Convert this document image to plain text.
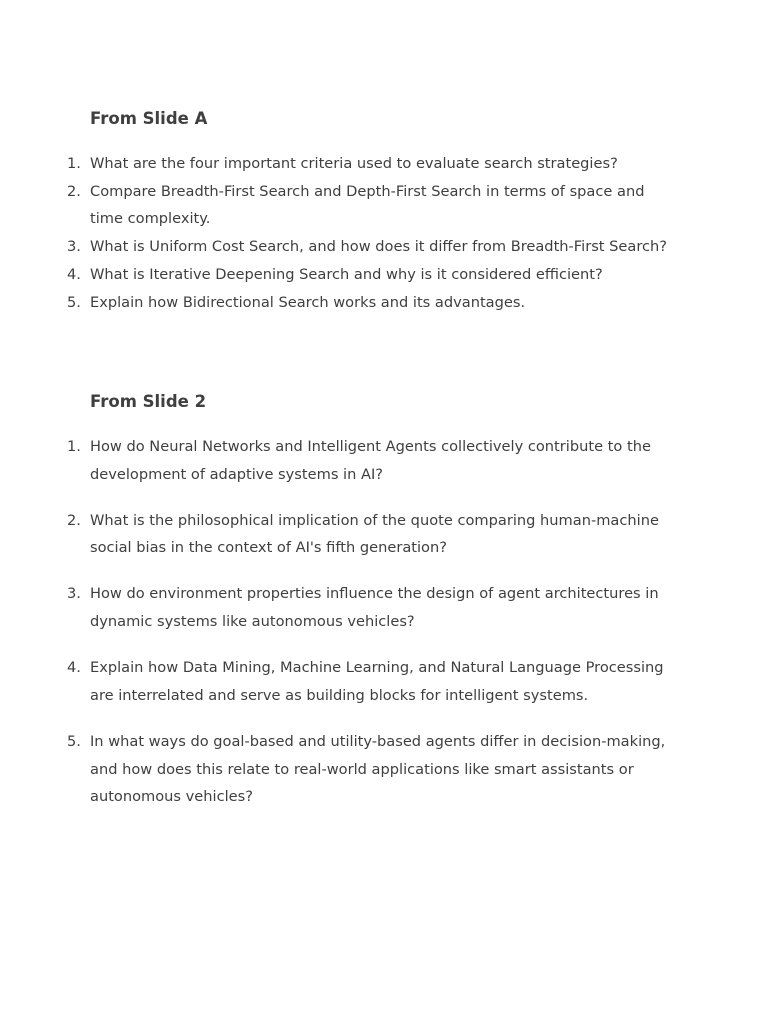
From Slide A
1. What are the four important criteria used to evaluate search strategies?
2. Compare Breadth-First Search and Depth-First Search in terms of space and time complexity.
3. What is Uniform Cost Search, and how does it differ from Breadth-First Search?
4. What is Iterative Deepening Search and why is it considered efficient?
5. Explain how Bidirectional Search works and its advantages.
From Slide 2
1. How do Neural Networks and Intelligent Agents collectively contribute to the development of adaptive systems in AI?
2. What is the philosophical implication of the quote comparing human-machine social bias in the context of AI's fifth generation?
3. How do environment properties influence the design of agent architectures in dynamic systems like autonomous vehicles?
4. Explain how Data Mining, Machine Learning, and Natural Language Processing are interrelated and serve as building blocks for intelligent systems.
5. In what ways do goal-based and utility-based agents differ in decision-making, and how does this relate to real-world applications like smart assistants or autonomous vehicles?
